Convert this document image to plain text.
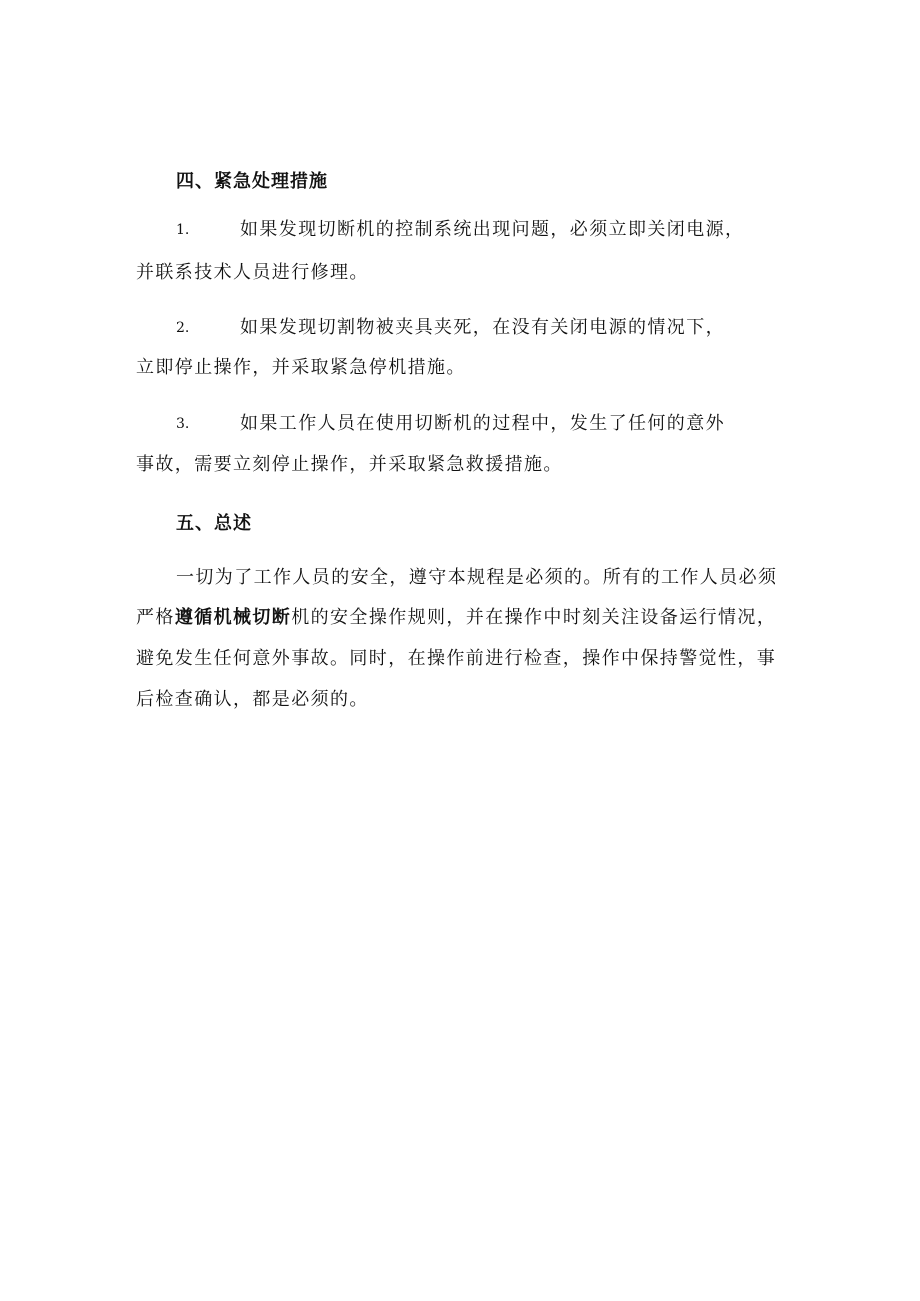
四、紧急处理措施
1.	如果发现切断机的控制系统出现问题，必须立即关闭电源，
并联系技术人员进行修理。
2.	如果发现切割物被夹具夹死，在没有关闭电源的情况下，
立即停止操作，并采取紧急停机措施。
3.	如果工作人员在使用切断机的过程中，发生了任何的意外
事故，需要立刻停止操作，并采取紧急救援措施。
五、总述
一切为了工作人员的安全，遵守本规程是必须的。所有的工作人员必须
严格遵循机械切断机的安全操作规则，并在操作中时刻关注设备运行情况，
避免发生任何意外事故。同时，在操作前进行检查，操作中保持警觉性，事
后检查确认，都是必须的。
